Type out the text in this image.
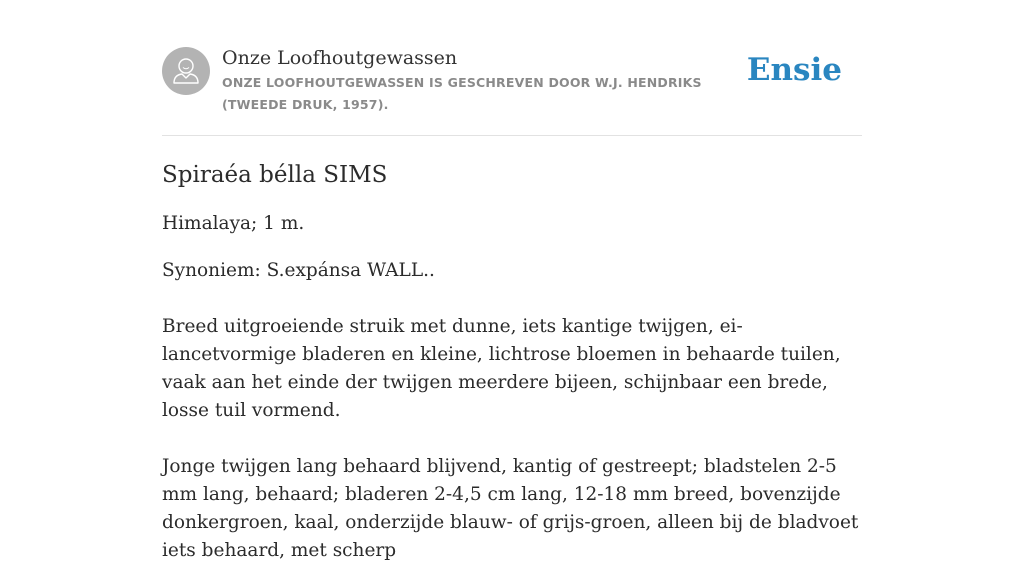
Onze Loofhoutgewassen
ONZE LOOFHOUTGEWASSEN IS GESCHREVEN DOOR W.J. HENDRIKS (TWEEDE DRUK, 1957).
Ensie
Spiraéa bélla SIMS

Himalaya; 1 m.

Synoniem: S.expánsa WALL..

Breed uitgroeiende struik met dunne, iets kantige twijgen, ei-lancetvormige bladeren en kleine, lichtrose bloemen in behaarde tuilen, vaak aan het einde der twijgen meerdere bijeen, schijnbaar een brede, losse tuil vormend.

Jonge twijgen lang behaard blijvend, kantig of gestreept; bladstelen 2-5 mm lang, behaard; bladeren 2-4,5 cm lang, 12-18 mm breed, bovenzijde donkergroen, kaal, onderzijde blauw- of grijs-groen, alleen bij de bladvoet iets behaard, met scherp
